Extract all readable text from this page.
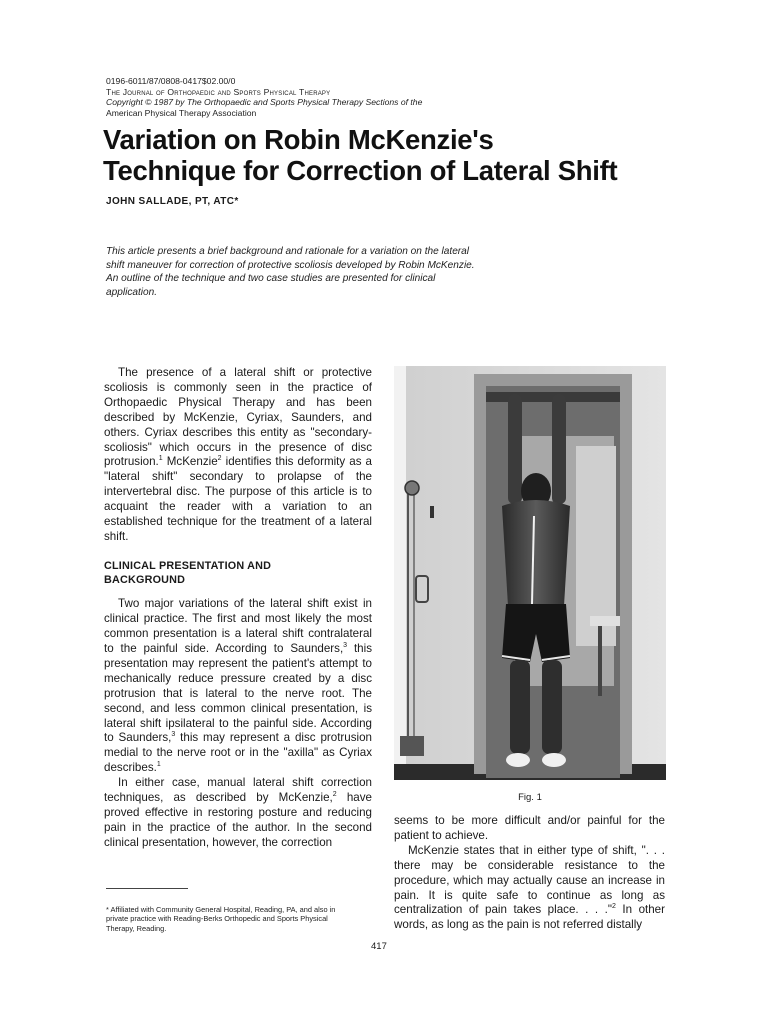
0196-6011/87/0808-0417$02.00/0
The Journal of Orthopaedic and Sports Physical Therapy
Copyright © 1987 by The Orthopaedic and Sports Physical Therapy Sections of the
American Physical Therapy Association
Variation on Robin McKenzie's
Technique for Correction of Lateral Shift
JOHN SALLADE, PT, ATC*
This article presents a brief background and rationale for a variation on the lateral
shift maneuver for correction of protective scoliosis developed by Robin McKenzie.
An outline of the technique and two case studies are presented for clinical
application.

The presence of a lateral shift or protective scoliosis is commonly seen in the practice of Orthopaedic Physical Therapy and has been described by McKenzie, Cyriax, Saunders, and others. Cyriax describes this entity as "secondary-scoliosis" which occurs in the presence of disc protrusion.$^1$ McKenzie$^2$ identifies this deformity as a "lateral shift" secondary to prolapse of the intervertebral disc. The purpose of this article is to acquaint the reader with a variation to an established technique for the treatment of a lateral shift.

CLINICAL PRESENTATION AND
BACKGROUND

Two major variations of the lateral shift exist in clinical practice. The first and most likely the most common presentation is a lateral shift contralateral to the painful side. According to Saunders,$^3$ this presentation may represent the patient's attempt to mechanically reduce pressure created by a disc protrusion that is lateral to the nerve root. The second, and less common clinical presentation, is lateral shift ipsilateral to the painful side. According to Saunders,$^3$ this may represent a disc protrusion medial to the nerve root or in the "axilla" as Cyriax describes.$^1$

In either case, manual lateral shift correction techniques, as described by McKenzie,$^2$ have proved effective in restoring posture and reducing pain in the practice of the author. In the second clinical presentation, however, the correction

Fig. 1

seems to be more difficult and/or painful for the patient to achieve.

McKenzie states that in either type of shift, ". . . there may be considerable resistance to the procedure, which may actually cause an increase in pain. It is quite safe to continue as long as centralization of pain takes place. . . ."$^2$ In other words, as long as the pain is not referred distally

* Affiliated with Community General Hospital, Reading, PA, and also in
private practice with Reading-Berks Orthopedic and Sports Physical
Therapy, Reading.
417
